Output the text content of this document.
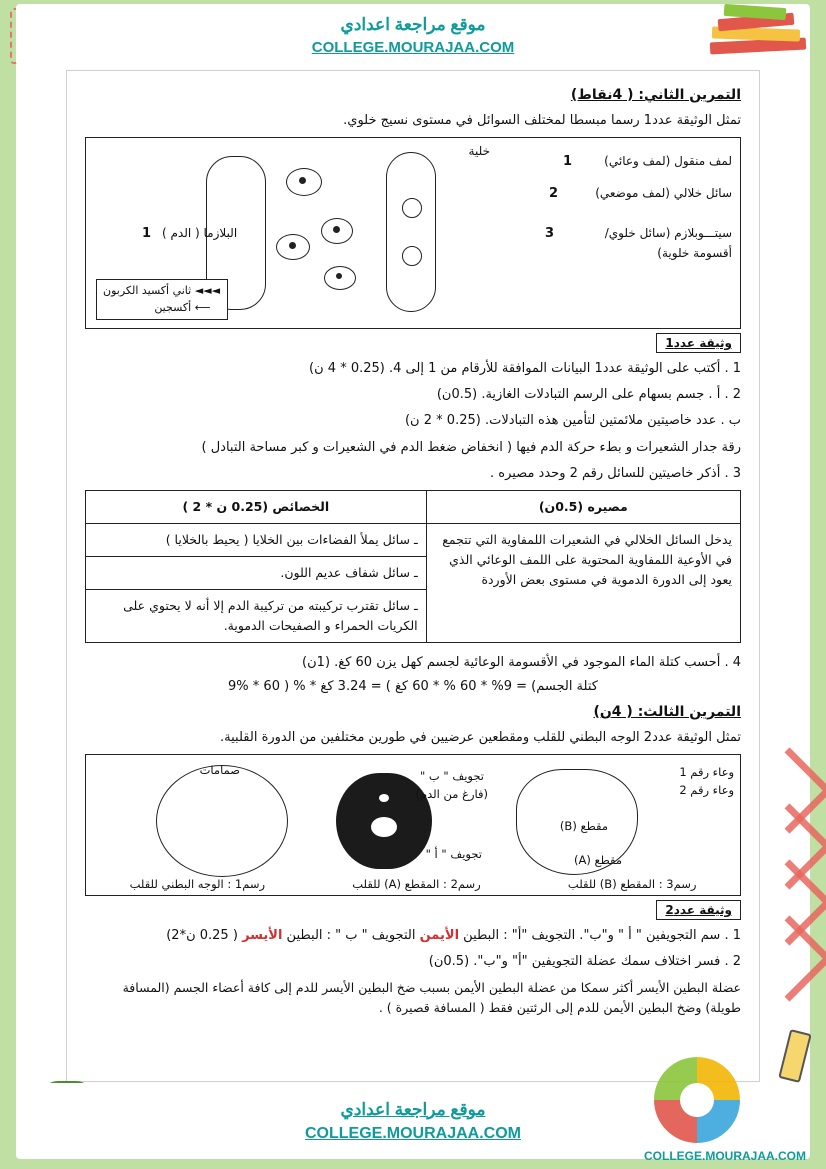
موقع مراجعة اعدادي
COLLEGE.MOURAJAA.COM
التمرين الثاني: ( 4نقاط)
تمثل الوثيقة عدد1 رسما مبسطا لمختلف السوائل في مستوى نسيج خلوي.
لمف منقول (لمف وعائي)
1
سائل خلالي (لمف موضعي)
2
سيتـــوبلازم (سائل خلوي/
3
أقسومة خلوية)
خلية
البلازما ( الدم )
1
◄◄◄ ثاني أكسيد الكربون
⟵ أكسجين
وثيقة عدد1
1 . أكتب على الوثيقة عدد1 البيانات الموافقة للأرقام من 1 إلى 4. (0.25 * 4 ن)
2 . أ . جسم بسهام على الرسم التبادلات الغازية. (0.5ن)
ب . عدد خاصيتين ملائمتين لتأمين هذه التبادلات. (0.25 * 2 ن)
رقة جدار الشعيرات و بطء حركة الدم فيها ( انخفاض ضغط الدم في الشعيرات و كبر مساحة التبادل )
3 . أذكر خاصيتين للسائل رقم 2 وحدد مصيره .
مصيره (0.5ن)	الخصائص (0.25 ن * 2 )

يدخل السائل الخلالي في الشعيرات اللمفاوية التي تتجمع
في الأوعية اللمفاوية المحتوية على اللمف الوعائي الذي
يعود إلى الدورة الدموية في مستوى بعض الأوردة	ـ سائل يملأ الفضاءات بين الخلايا ( يحيط بالخلايا )
	ـ سائل شفاف عديم اللون.
	ـ سائل تقترب تركيبته من تركيبة الدم إلا أنه لا يحتوي على الكريات الحمراء و الصفيحات الدموية.
4 . أحسب كتلة الماء الموجود في الأقسومة الوعائية لجسم كهل يزن 60 كغ. (1ن)
9% * 60 ) % * كتلة الجسم) = 9% * 60 % * 60 كغ ) = 3.24 كغ
التمرين الثالث: ( 4ن)
تمثل الوثيقة عدد2 الوجه البطني للقلب ومقطعين عرضيين في طورين مختلفين من الدورة القلبية.
وعاء رقم 1
وعاء رقم 2
مقطع (B)
مقطع (A)
تجويف " ب "
(فارغ من الدم)
تجويف " أ "
صمامات
رسم3 : المقطع (B) للقلب
رسم2 : المقطع (A) للقلب
رسم1 : الوجه البطني للقلب
وثيقة عدد2
1 . سم التجويفين " أ " و"ب". التجويف "أ" : البطين الأيمن التجويف " ب " : البطين الأيسر ( 0.25 ن*2)
2 . فسر اختلاف سمك عضلة التجويفين "أ" و"ب". (0.5ن)
عضلة البطين الأيسر أكثر سمكا من عضلة البطين الأيمن بسبب ضخ البطين الأيسر للدم إلى كافة أعضاء الجسم (المسافة طويلة) وضخ البطين الأيمن للدم إلى الرئتين فقط ( المسافة قصيرة ) .
موقع مراجعة اعدادي
COLLEGE.MOURAJAA.COM
COLLEGE.MOURAJAA.COM
